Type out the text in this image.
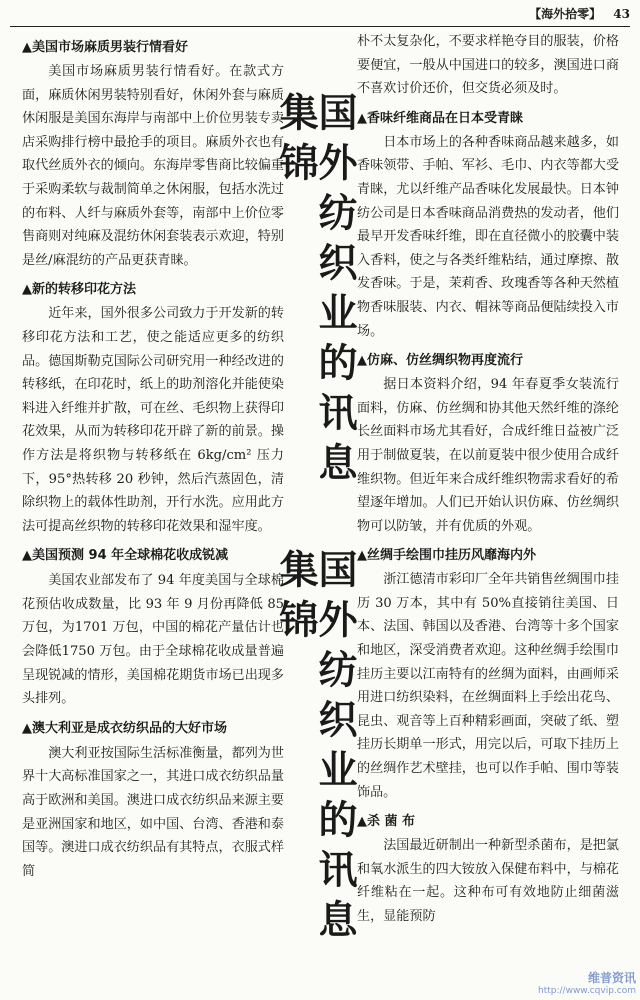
【海外拾零】 43
国外纺织业的讯息集锦
国外纺织业的讯息集锦
▲美国市场麻质男装行情看好

美国市场麻质男装行情看好。在款式方面，麻质休闲男装特别看好，休闲外套与麻质休闲服是美国东海岸与南部中上价位男装专卖店采购排行榜中最抢手的项目。麻质外衣也有取代丝质外衣的倾向。东海岸零售商比较偏重于采购柔软与裁制简单之休闲服，包括水洗过的布料、人纤与麻质外套等，南部中上价位零售商则对纯麻及混纺休闲套装表示欢迎，特别是丝/麻混纺的产品更获青睐。

▲新的转移印花方法

近年来，国外很多公司致力于开发新的转移印花方法和工艺，使之能适应更多的纺织品。德国斯勒克国际公司研究用一种经改进的转移纸，在印花时，纸上的助剂溶化并能使染料进入纤维并扩散，可在丝、毛织物上获得印花效果，从而为转移印花开辟了新的前景。操作方法是将织物与转移纸在 6kg/cm² 压力下，95°热转移 20 秒钟，然后汽蒸固色，清除织物上的载体性助剂，开行水洗。应用此方法可提高丝织物的转移印花效果和湿牢度。

▲美国预测 94 年全球棉花收成锐减

美国农业部发布了 94 年度美国与全球棉花预估收成数量，比 93 年 9 月份再降低 85 万包，为1701 万包，中国的棉花产量估计也会降低1750 万包。由于全球棉花收成量普遍呈现锐减的情形，美国棉花期货市场已出现多头排列。

▲澳大利亚是成衣纺织品的大好市场

澳大利亚按国际生活标准衡量，都列为世界十大高标准国家之一，其进口成衣纺织品量高于欧洲和美国。澳进口成衣纺织品来源主要是亚洲国家和地区，如中国、台湾、香港和泰国等。澳进口成衣纺织品有其特点，衣服式样简

朴不太复杂化，不要求样艳夺目的服装，价格要便宜，一般从中国进口的较多，澳国进口商不喜欢讨价还价，但交货必须及时。

▲香味纤维商品在日本受青睐

日本市场上的各种香味商品越来越多，如香味领带、手帕、军衫、毛巾、内衣等都大受青睐，尤以纤维产品香味化发展最快。日本钟纺公司是日本香味商品消费热的发动者，他们最早开发香味纤维，即在直径微小的胶囊中装入香料，使之与各类纤维粘结，通过摩擦、散发香味。于是，茉莉香、玫瑰香等各种天然植物香味服装、内衣、帽袜等商品便陆续投入市场。

▲仿麻、仿丝绸织物再度流行

据日本资料介绍，94 年春夏季女装流行面料，仿麻、仿丝绸和协其他天然纤维的涤纶长丝面料市场尤其看好，合成纤维日益被广泛用于制做夏装，在以前夏装中很少使用合成纤维织物。但近年来合成纤维织物需求看好的希望逐年增加。人们已开始认识仿麻、仿丝绸织物可以防皱，并有优质的外观。

▲丝绸手绘围巾挂历风靡海内外

浙江德清市彩印厂全年共销售丝绸围巾挂历 30 万本，其中有 50%直接销往美国、日本、法国、韩国以及香港、台湾等十多个国家和地区，深受消费者欢迎。这种丝绸手绘围巾挂历主要以江南特有的丝绸为面料，由画师采用进口纺织染料，在丝绸面料上手绘出花鸟、昆虫、观音等上百种精彩画面，突破了纸、塑挂历长期单一形式，用完以后，可取下挂历上的丝绸作艺术壁挂，也可以作手帕、围巾等装饰品。

▲杀 菌 布

法国最近研制出一种新型杀菌布，是把氯和氧水派生的四大铵放入保健布料中，与棉花纤维粘在一起。这种布可有效地防止细菌滋生，显能预防

维普资讯
http://www.cqvip.com
